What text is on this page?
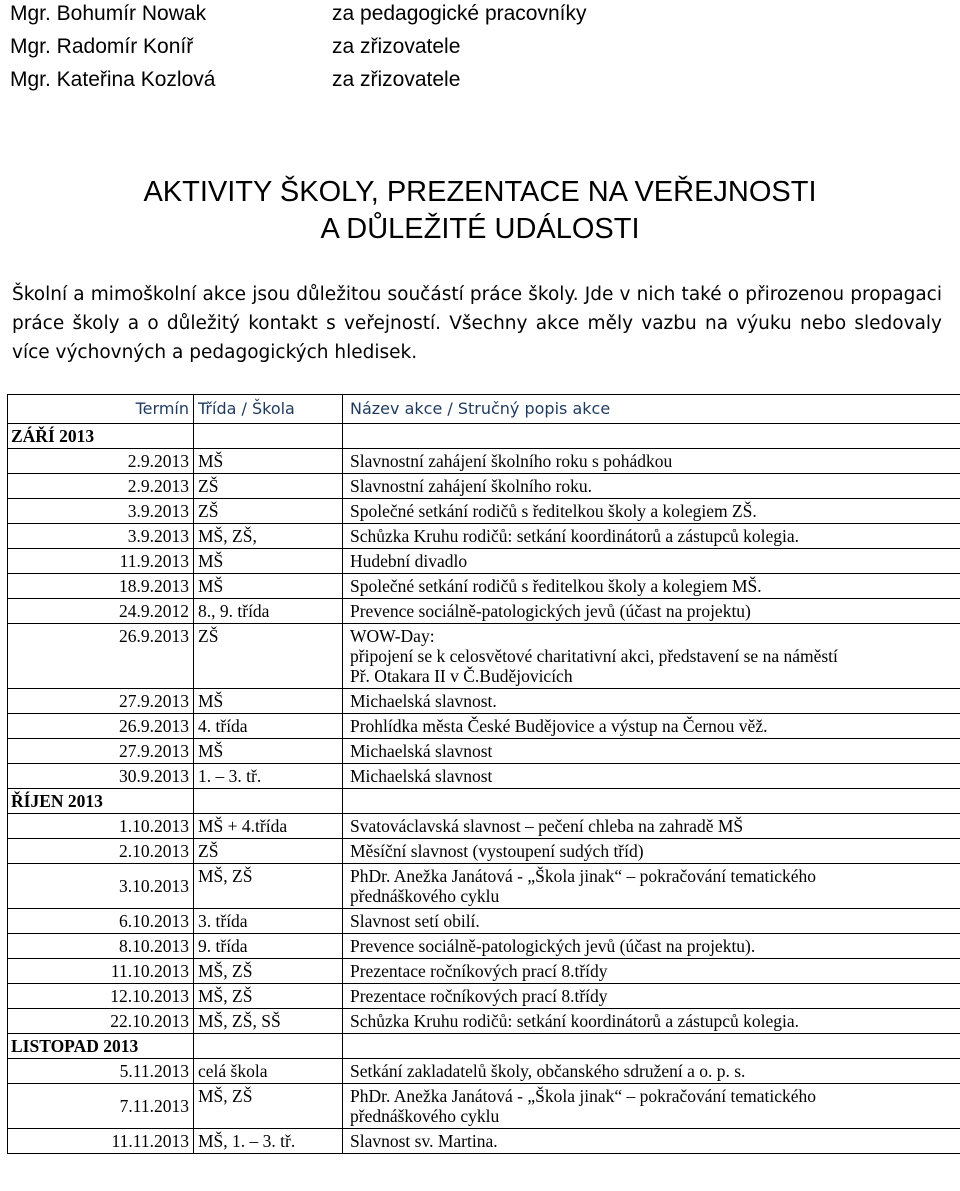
Mgr. Bohumír Nowak	za pedagogické pracovníky
Mgr. Radomír Koníř	za zřizovatele
Mgr. Kateřina Kozlová	za zřizovatele
AKTIVITY ŠKOLY, PREZENTACE NA VEŘEJNOSTI
A DŮLEŽITÉ UDÁLOSTI
Školní a mimoškolní akce jsou důležitou součástí práce školy. Jde v nich také o přirozenou propagaci práce školy a o důležitý kontakt s veřejností. Všechny akce měly vazbu na výuku nebo sledovaly více výchovných a pedagogických hledisek.
Termín	Třída / Škola	Název akce / Stručný popis akce
ZÁŘÍ 2013		
2.9.2013	MŠ	Slavnostní zahájení školního roku s pohádkou

2.9.2013	ZŠ	Slavnostní zahájení školního roku.

3.9.2013	ZŠ	Společné setkání rodičů s ředitelkou školy a kolegiem ZŠ.

3.9.2013	MŠ, ZŠ,	Schůzka Kruhu rodičů: setkání koordinátorů a zástupců kolegia.

11.9.2013	MŠ	Hudební divadlo

18.9.2013	MŠ	Společné setkání rodičů s ředitelkou školy a kolegiem MŠ.

24.9.2012	8., 9. třída	Prevence sociálně-patologických jevů (účast na projektu)

26.9.2013	ZŠ	WOW-Day:
připojení se k celosvětové charitativní akci, představení se na náměstí
Př. Otakara II v Č.Budějovicích

27.9.2013	MŠ	Michaelská slavnost.

26.9.2013	4. třída	Prohlídka města České Budějovice a výstup na Černou věž.

27.9.2013	MŠ	Michaelská slavnost

30.9.2013	1. – 3. tř.	Michaelská slavnost

ŘÍJEN 2013		
1.10.2013	MŠ + 4.třída	Svatováclavská slavnost – pečení chleba na zahradě MŠ

2.10.2013	ZŠ	Měsíční slavnost (vystoupení sudých tříd)

3.10.2013	MŠ, ZŠ	PhDr. Anežka Janátová - „Škola jinak“ – pokračování tematického
přednáškového cyklu

6.10.2013	3. třída	Slavnost setí obilí.

8.10.2013	9. třída	Prevence sociálně-patologických jevů (účast na projektu).

11.10.2013	MŠ, ZŠ	Prezentace ročníkových prací 8.třídy

12.10.2013	MŠ, ZŠ	Prezentace ročníkových prací 8.třídy

22.10.2013	MŠ, ZŠ, SŠ	Schůzka Kruhu rodičů: setkání koordinátorů a zástupců kolegia.

LISTOPAD 2013		
5.11.2013	celá škola	Setkání zakladatelů školy, občanského sdružení a o. p. s.

7.11.2013	MŠ, ZŠ	PhDr. Anežka Janátová - „Škola jinak“ – pokračování tematického
přednáškového cyklu

11.11.2013	MŠ, 1. – 3. tř.	Slavnost sv. Martina.
